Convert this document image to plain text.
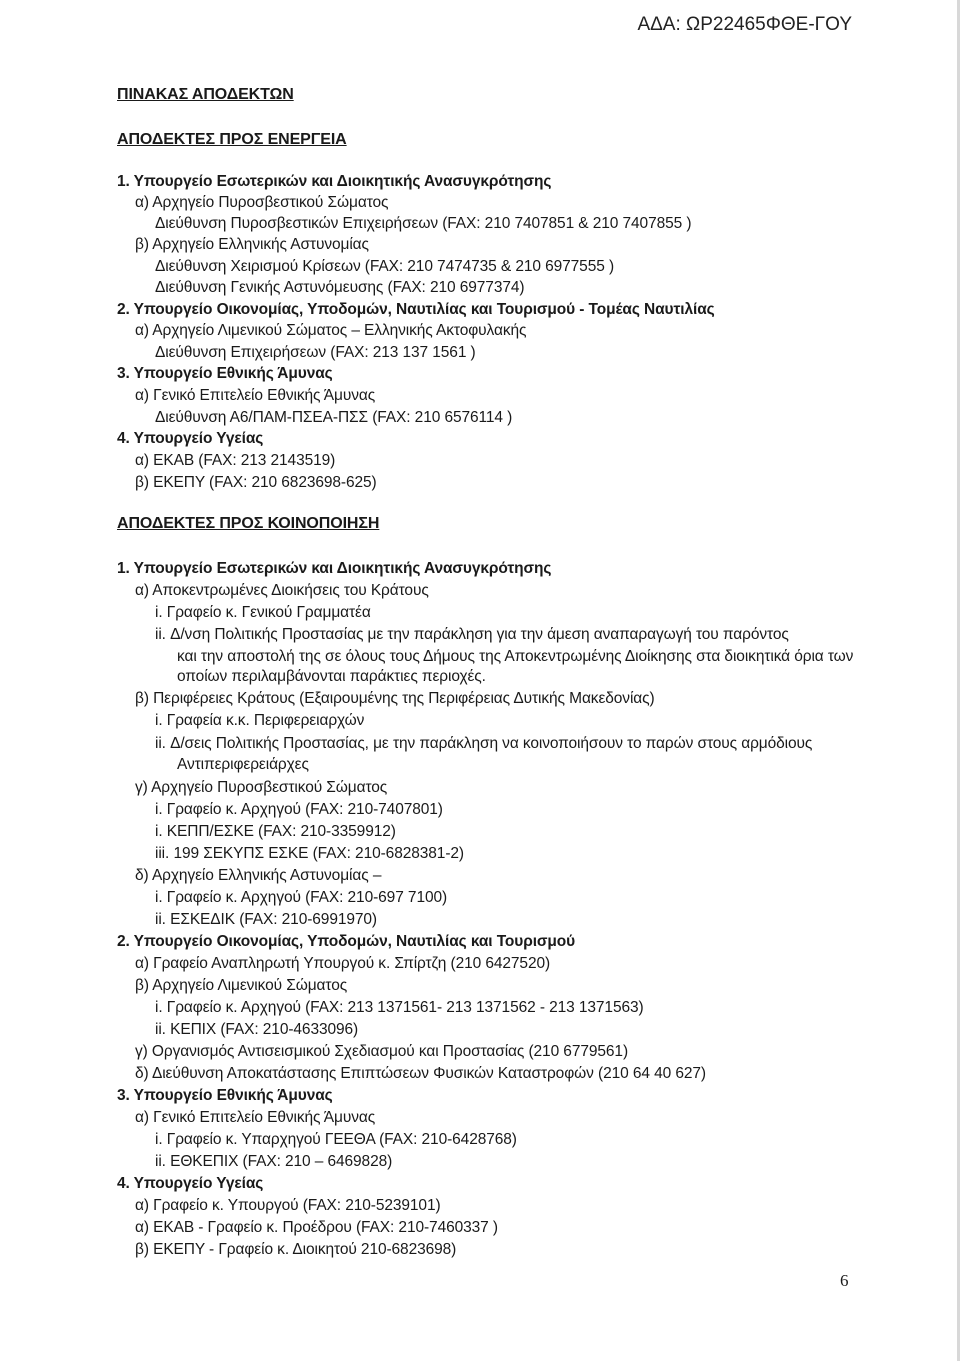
ΑΔΑ: ΩΡ22465ΦΘΕ-ΓΟΥ
ΠΙΝΑΚΑΣ ΑΠΟΔΕΚΤΩΝ
ΑΠΟΔΕΚΤΕΣ ΠΡΟΣ ΕΝΕΡΓΕΙΑ
1. Υπουργείο Εσωτερικών και Διοικητικής Ανασυγκρότησης
α) Αρχηγείο Πυροσβεστικού Σώματος
Διεύθυνση Πυροσβεστικών Επιχειρήσεων (FAX: 210 7407851 & 210 7407855 )
β) Αρχηγείο Ελληνικής Αστυνομίας
Διεύθυνση Χειρισμού Κρίσεων (FAX: 210 7474735 & 210 6977555 )
Διεύθυνση Γενικής Αστυνόμευσης (FAX: 210 6977374)
2. Υπουργείο Οικονομίας, Υποδομών, Ναυτιλίας και Τουρισμού - Τομέας Ναυτιλίας
α) Αρχηγείο Λιμενικού Σώματος – Ελληνικής Ακτοφυλακής
Διεύθυνση Επιχειρήσεων (FAX: 213 137 1561 )
3. Υπουργείο Εθνικής Άμυνας
α) Γενικό Επιτελείο Εθνικής Άμυνας
Διεύθυνση Α6/ΠΑΜ-ΠΣΕΑ-ΠΣΣ (FAX: 210 6576114 )
4. Υπουργείο Υγείας
α) ΕΚΑΒ (FAX: 213 2143519)
β) ΕΚΕΠΥ (FAX: 210 6823698-625)
ΑΠΟΔΕΚΤΕΣ ΠΡΟΣ ΚΟΙΝΟΠΟΙΗΣΗ
1. Υπουργείο Εσωτερικών και Διοικητικής Ανασυγκρότησης
α) Αποκεντρωμένες Διοικήσεις του Κράτους
i. Γραφείο κ. Γενικού Γραμματέα
ii. Δ/νση Πολιτικής Προστασίας με την παράκληση για την άμεση αναπαραγωγή του παρόντος
και την αποστολή της σε όλους τους Δήμους της Αποκεντρωμένης Διοίκησης στα διοικητικά όρια των
οποίων περιλαμβάνονται παράκτιες περιοχές.
β) Περιφέρειες Κράτους (Εξαιρουμένης της Περιφέρειας Δυτικής Μακεδονίας)
i. Γραφεία κ.κ. Περιφερειαρχών
ii. Δ/σεις Πολιτικής Προστασίας, με την παράκληση να κοινοποιήσουν το παρών στους αρμόδιους
Αντιπεριφερειάρχες
γ) Αρχηγείο Πυροσβεστικού Σώματος
i. Γραφείο κ. Αρχηγού (FAX: 210-7407801)
i. ΚΕΠΠ/ΕΣΚΕ (FAX: 210-3359912)
iii. 199 ΣΕΚΥΠΣ ΕΣΚΕ (FAX: 210-6828381-2)
δ) Αρχηγείο Ελληνικής Αστυνομίας –
i. Γραφείο κ. Αρχηγού (FAX: 210-697 7100)
ii. ΕΣΚΕΔΙΚ (FAX: 210-6991970)
2. Υπουργείο Οικονομίας, Υποδομών, Ναυτιλίας και Τουρισμού
α) Γραφείο Αναπληρωτή Υπουργού κ. Σπίρτζη (210 6427520)
β) Αρχηγείο Λιμενικού Σώματος
i. Γραφείο κ. Αρχηγού (FAX: 213 1371561- 213 1371562 - 213 1371563)
ii. ΚΕΠΙΧ (FAX: 210-4633096)
γ) Οργανισμός Αντισεισμικού Σχεδιασμού και Προστασίας (210 6779561)
δ) Διεύθυνση Αποκατάστασης Επιπτώσεων Φυσικών Καταστροφών (210 64 40 627)
3. Υπουργείο Εθνικής Άμυνας
α) Γενικό Επιτελείο Εθνικής Άμυνας
i. Γραφείο κ. Υπαρχηγού ΓΕΕΘΑ (FAX: 210-6428768)
ii. ΕΘΚΕΠΙΧ (FAX: 210 – 6469828)
4. Υπουργείο Υγείας
α) Γραφείο κ. Υπουργού (FAX: 210-5239101)
α) ΕΚΑΒ - Γραφείο κ. Προέδρου (FAX: 210-7460337 )
β) ΕΚΕΠΥ - Γραφείο κ. Διοικητού 210-6823698)
6
